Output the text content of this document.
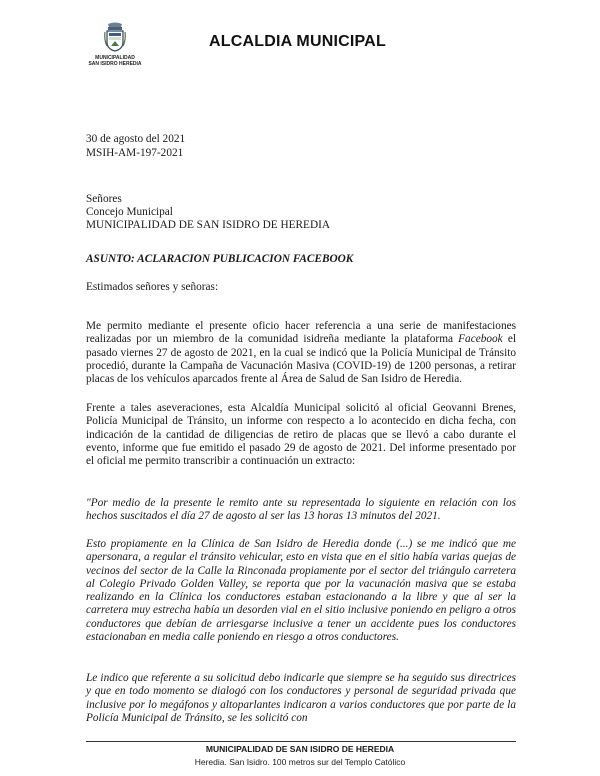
MUNICIPALIDAD
SAN ISIDRO HEREDIA
ALCALDIA MUNICIPAL
30 de agosto del 2021
MSIH-AM-197-2021
Señores
Concejo Municipal
MUNICIPALIDAD DE SAN ISIDRO DE HEREDIA
ASUNTO: ACLARACION PUBLICACION FACEBOOK
Estimados señores y señoras:
Me permito mediante el presente oficio hacer referencia a una serie de manifestaciones realizadas por un miembro de la comunidad isidreña mediante la plataforma Facebook el pasado viernes 27 de agosto de 2021, en la cual se indicó que la Policía Municipal de Tránsito procedió, durante la Campaña de Vacunación Masiva (COVID-19) de 1200 personas, a retirar placas de los vehículos aparcados frente al Área de Salud de San Isidro de Heredia.
Frente a tales aseveraciones, esta Alcaldía Municipal solicitó al oficial Geovanni Brenes, Policía Municipal de Tránsito, un informe con respecto a lo acontecido en dicha fecha, con indicación de la cantidad de diligencias de retiro de placas que se llevó a cabo durante el evento, informe que fue emitido el pasado 29 de agosto de 2021. Del informe presentado por el oficial me permito transcribir a continuación un extracto:
"Por medio de la presente le remito ante su representada lo siguiente en relación con los hechos suscitados el día 27 de agosto al ser las 13 horas 13 minutos del 2021.
Esto propiamente en la Clínica de San Isidro de Heredia donde (...) se me indicó que me apersonara, a regular el tránsito vehicular, esto en vista que en el sitio había varias quejas de vecinos del sector de la Calle la Rinconada propiamente por el sector del triángulo carretera al Colegio Privado Golden Valley, se reporta que por la vacunación masiva que se estaba realizando en la Clínica los conductores estaban estacionando a la libre y que al ser la carretera muy estrecha había un desorden vial en el sitio inclusive poniendo en peligro a otros conductores que debían de arriesgarse inclusive a tener un accidente pues los conductores estacionaban en media calle poniendo en riesgo a otros conductores.
Le indico que referente a su solicitud debo indicarle que siempre se ha seguido sus directrices y que en todo momento se dialogó con los conductores y personal de seguridad privada que inclusive por lo megáfonos y altoparlantes indicaron a varios conductores que por parte de la Policía Municipal de Tránsito, se les solicitó con
MUNICIPALIDAD DE SAN ISIDRO DE HEREDIA
Heredia. San Isidro. 100 metros sur del Templo Católico
